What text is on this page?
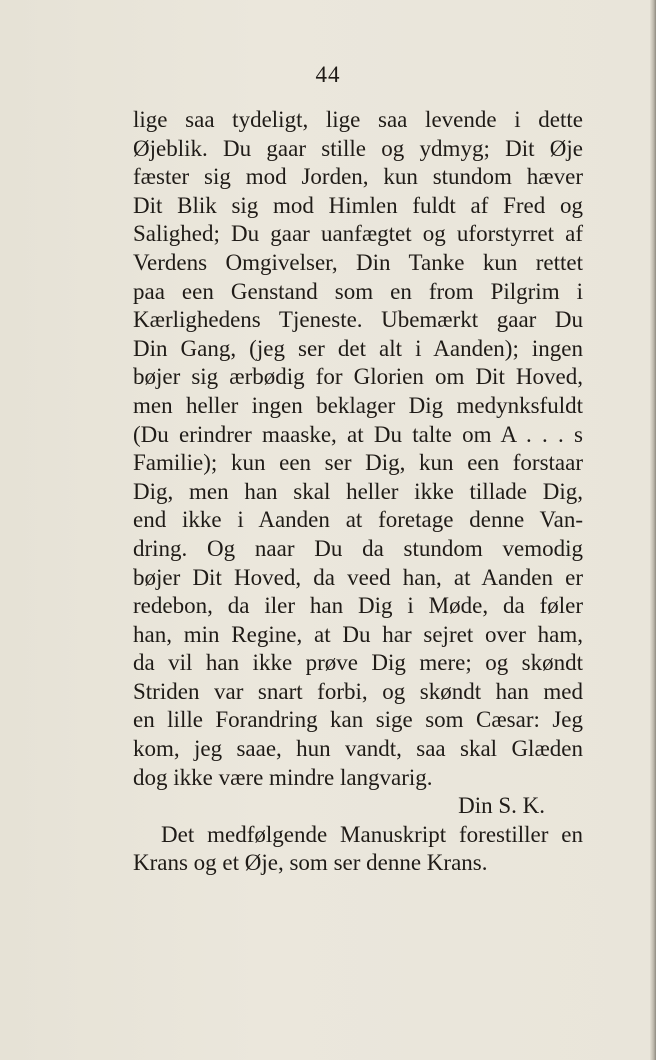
44
lige saa tydeligt, lige saa levende i dette
Øjeblik. Du gaar stille og ydmyg; Dit Øje
fæster sig mod Jorden, kun stundom hæver
Dit Blik sig mod Himlen fuldt af Fred og
Salighed; Du gaar uanfægtet og uforstyrret af
Verdens Omgivelser, Din Tanke kun rettet
paa een Genstand som en from Pilgrim i
Kærlighedens Tjeneste. Ubemærkt gaar Du
Din Gang, (jeg ser det alt i Aanden); ingen
bøjer sig ærbødig for Glorien om Dit Hoved,
men heller ingen beklager Dig medynksfuldt
(Du erindrer maaske, at Du talte om A . . . s
Familie); kun een ser Dig, kun een forstaar
Dig, men han skal heller ikke tillade Dig,
end ikke i Aanden at foretage denne Van-
dring. Og naar Du da stundom vemodig
bøjer Dit Hoved, da veed han, at Aanden er
redebon, da iler han Dig i Møde, da føler
han, min Regine, at Du har sejret over ham,
da vil han ikke prøve Dig mere; og skøndt
Striden var snart forbi, og skøndt han med
en lille Forandring kan sige som Cæsar: Jeg
kom, jeg saae, hun vandt, saa skal Glæden
dog ikke være mindre langvarig.
Din S. K.
Det medfølgende Manuskript forestiller en
Krans og et Øje, som ser denne Krans.
